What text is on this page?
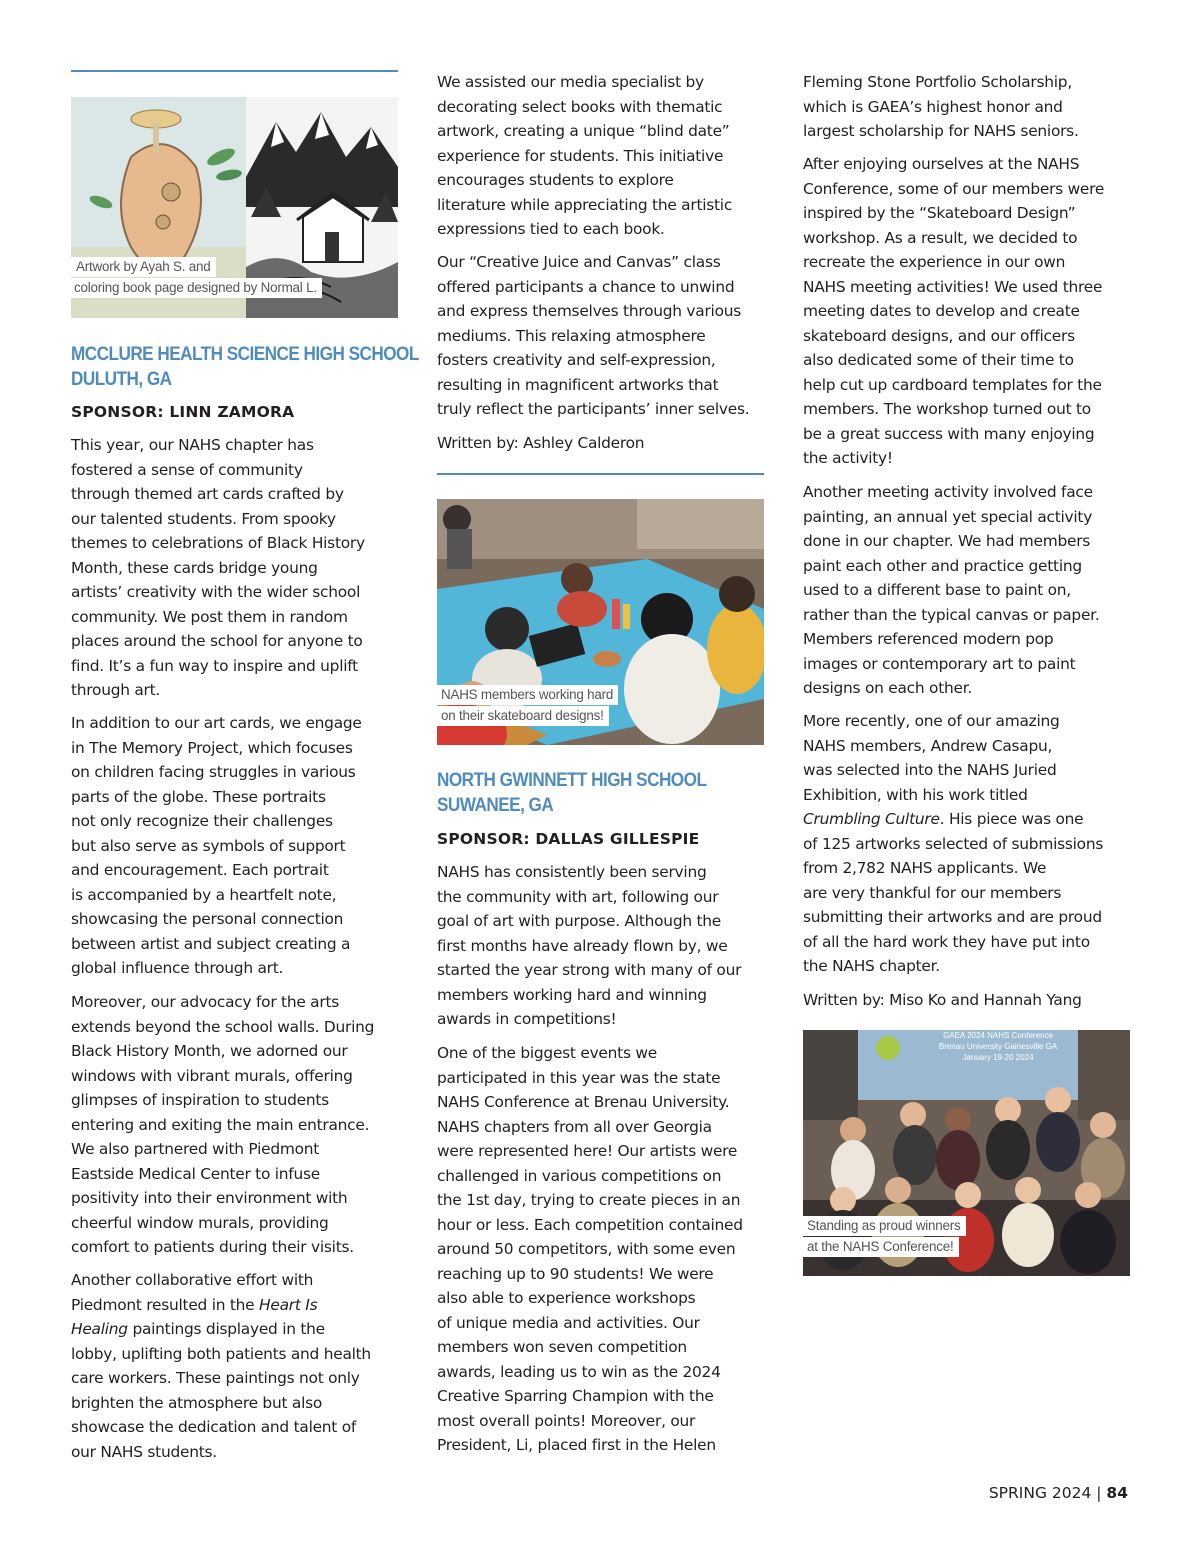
Artwork by Ayah S. and
coloring book page designed by Normal L.
MCCLURE HEALTH SCIENCE HIGH SCHOOL
DULUTH, GA
SPONSOR: LINN ZAMORA

This year, our NAHS chapter has

fostered a sense of community

through themed art cards crafted by

our talented students. From spooky

themes to celebrations of Black History

Month, these cards bridge young

artists’ creativity with the wider school

community. We post them in random

places around the school for anyone to

find. It’s a fun way to inspire and uplift

through art.

In addition to our art cards, we engage

in The Memory Project, which focuses

on children facing struggles in various

parts of the globe. These portraits

not only recognize their challenges

but also serve as symbols of support

and encouragement. Each portrait

is accompanied by a heartfelt note,

showcasing the personal connection

between artist and subject creating a

global influence through art.

Moreover, our advocacy for the arts

extends beyond the school walls. During

Black History Month, we adorned our

windows with vibrant murals, offering

glimpses of inspiration to students

entering and exiting the main entrance.

We also partnered with Piedmont

Eastside Medical Center to infuse

positivity into their environment with

cheerful window murals, providing

comfort to patients during their visits.

Another collaborative effort with

Piedmont resulted in the Heart Is

Healing paintings displayed in the

lobby, uplifting both patients and health

care workers. These paintings not only

brighten the atmosphere but also

showcase the dedication and talent of

our NAHS students.

We assisted our media specialist by

decorating select books with thematic

artwork, creating a unique “blind date”

experience for students. This initiative

encourages students to explore

literature while appreciating the artistic

expressions tied to each book.

Our “Creative Juice and Canvas” class

offered participants a chance to unwind

and express themselves through various

mediums. This relaxing atmosphere

fosters creativity and self-expression,

resulting in magnificent artworks that

truly reflect the participants’ inner selves.

Written by: Ashley Calderon

NAHS members working hard
on their skateboard designs!
NORTH GWINNETT HIGH SCHOOL
SUWANEE, GA
SPONSOR: DALLAS GILLESPIE

NAHS has consistently been serving

the community with art, following our

goal of art with purpose. Although the

first months have already flown by, we

started the year strong with many of our

members working hard and winning

awards in competitions!

One of the biggest events we

participated in this year was the state

NAHS Conference at Brenau University.

NAHS chapters from all over Georgia

were represented here! Our artists were

challenged in various competitions on

the 1st day, trying to create pieces in an

hour or less. Each competition contained

around 50 competitors, with some even

reaching up to 90 students! We were

also able to experience workshops

of unique media and activities. Our

members won seven competition

awards, leading us to win as the 2024

Creative Sparring Champion with the

most overall points! Moreover, our

President, Li, placed first in the Helen

Fleming Stone Portfolio Scholarship,

which is GAEA’s highest honor and

largest scholarship for NAHS seniors.

After enjoying ourselves at the NAHS

Conference, some of our members were

inspired by the “Skateboard Design”

workshop. As a result, we decided to

recreate the experience in our own

NAHS meeting activities! We used three

meeting dates to develop and create

skateboard designs, and our officers

also dedicated some of their time to

help cut up cardboard templates for the

members. The workshop turned out to

be a great success with many enjoying

the activity!

Another meeting activity involved face

painting, an annual yet special activity

done in our chapter. We had members

paint each other and practice getting

used to a different base to paint on,

rather than the typical canvas or paper.

Members referenced modern pop

images or contemporary art to paint

designs on each other.

More recently, one of our amazing

NAHS members, Andrew Casapu,

was selected into the NAHS Juried

Exhibition, with his work titled

Crumbling Culture. His piece was one

of 125 artworks selected of submissions

from 2,782 NAHS applicants. We

are very thankful for our members

submitting their artworks and are proud

of all the hard work they have put into

the NAHS chapter.

Written by: Miso Ko and Hannah Yang

GAEA 2024 NAHS Conference
Brenau University Gainesville GA
January 19-20 2024
Standing as proud winners
at the NAHS Conference!
SPRING 2024 | 84
